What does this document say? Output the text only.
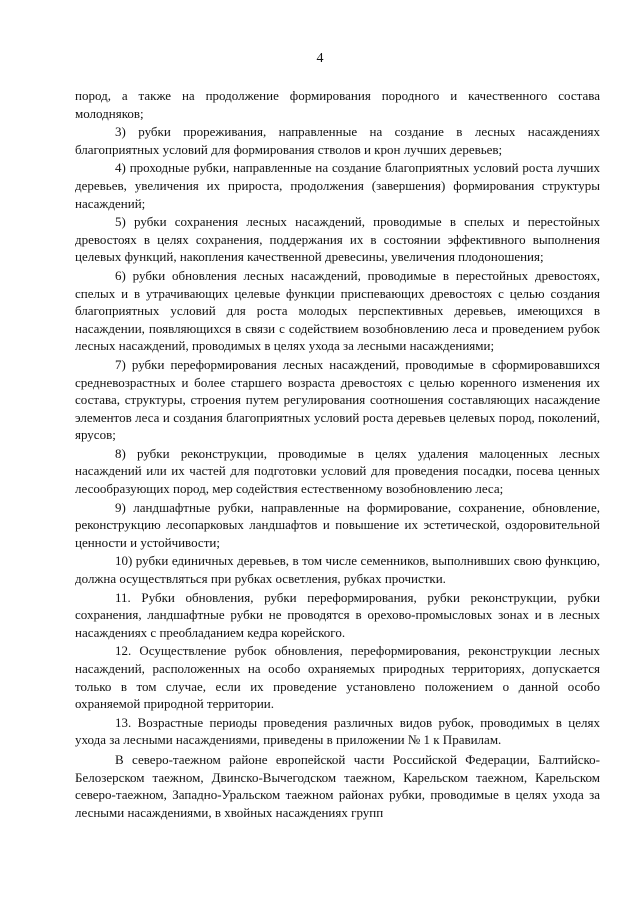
4

пород, а также на продолжение формирования породного и качественного состава молодняков;

3) рубки прореживания, направленные на создание в лесных насаждениях благоприятных условий для формирования стволов и крон лучших деревьев;

4) проходные рубки, направленные на создание благоприятных условий роста лучших деревьев, увеличения их прироста, продолжения (завершения) формирования структуры насаждений;

5) рубки сохранения лесных насаждений, проводимые в спелых и перестойных древостоях в целях сохранения, поддержания их в состоянии эффективного выполнения целевых функций, накопления качественной древесины, увеличения плодоношения;

6) рубки обновления лесных насаждений, проводимые в перестойных древостоях, спелых и в утрачивающих целевые функции приспевающих древостоях с целью создания благоприятных условий для роста молодых перспективных деревьев, имеющихся в насаждении, появляющихся в связи с содействием возобновлению леса и проведением рубок лесных насаждений, проводимых в целях ухода за лесными насаждениями;

7) рубки переформирования лесных насаждений, проводимые в сформировавшихся средневозрастных и более старшего возраста древостоях с целью коренного изменения их состава, структуры, строения путем регулирования соотношения составляющих насаждение элементов леса и создания благоприятных условий роста деревьев целевых пород, поколений, ярусов;

8) рубки реконструкции, проводимые в целях удаления малоценных лесных насаждений или их частей для подготовки условий для проведения посадки, посева ценных лесообразующих пород, мер содействия естественному возобновлению леса;

9) ландшафтные рубки, направленные на формирование, сохранение, обновление, реконструкцию лесопарковых ландшафтов и повышение их эстетической, оздоровительной ценности и устойчивости;

10) рубки единичных деревьев, в том числе семенников, выполнивших свою функцию, должна осуществляться при рубках осветления, рубках прочистки.

11. Рубки обновления, рубки переформирования, рубки реконструкции, рубки сохранения, ландшафтные рубки не проводятся в орехово-промысловых зонах и в лесных насаждениях с преобладанием кедра корейского.

12. Осуществление рубок обновления, переформирования, реконструкции лесных насаждений, расположенных на особо охраняемых природных территориях, допускается только в том случае, если их проведение установлено положением о данной особо охраняемой природной территории.

13. Возрастные периоды проведения различных видов рубок, проводимых в целях ухода за лесными насаждениями, приведены в приложении № 1 к Правилам.

В северо-таежном районе европейской части Российской Федерации, Балтийско-Белозерском таежном, Двинско-Вычегодском таежном, Карельском таежном, Карельском северо-таежном, Западно-Уральском таежном районах рубки, проводимые в целях ухода за лесными насаждениями, в хвойных насаждениях групп
